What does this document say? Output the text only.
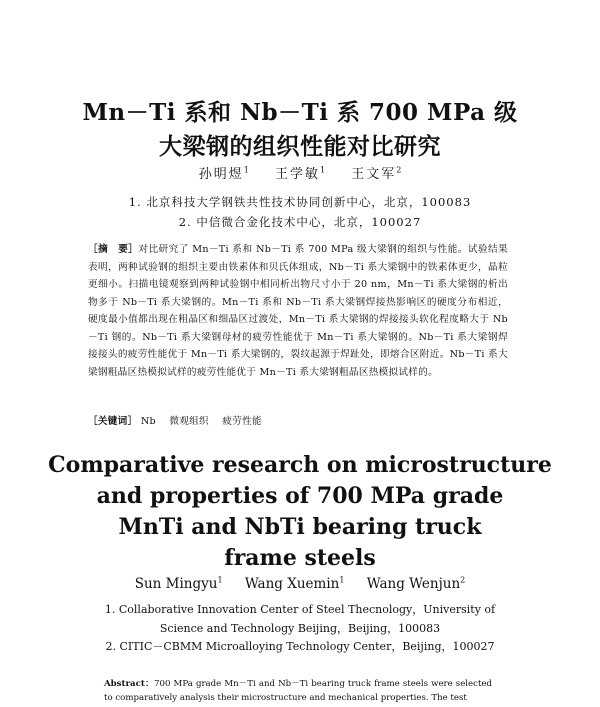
Mn－Ti 系和 Nb－Ti 系 700 MPa 级
大梁钢的组织性能对比研究
孙明煜$^1$ 王学敏$^1$ 王文军$^2$
1. 北京科技大学钢铁共性技术协同创新中心，北京，100083
2. 中信微合金化技术中心，北京，100027
［摘　要］对比研究了 Mn－Ti 系和 Nb－Ti 系 700 MPa 级大梁钢的组织与性能。试验结果表明，两种试验钢的组织主要由铁素体和贝氏体组成，Nb－Ti 系大梁钢中的铁素体更少，晶粒更细小。扫描电镜观察到两种试验钢中相同析出物尺寸小于 20 nm，Mn－Ti 系大梁钢的析出物多于 Nb－Ti 系大梁钢的。Mn－Ti 系和 Nb－Ti 系大梁钢焊接热影响区的硬度分布相近，硬度最小值都出现在粗晶区和细晶区过渡处，Mn－Ti 系大梁钢的焊接接头软化程度略大于 Nb－Ti 钢的。Nb－Ti 系大梁钢母材的疲劳性能优于 Mn－Ti 系大梁钢的。Nb－Ti 系大梁钢焊接接头的疲劳性能优于 Mn－Ti 系大梁钢的，裂纹起源于焊趾处，即熔合区附近。Nb－Ti 系大梁钢粗晶区热模拟试样的疲劳性能优于 Mn－Ti 系大梁钢粗晶区热模拟试样的。
［关键词］ Nb 微观组织 疲劳性能
Comparative research on microstructure
and properties of 700 MPa grade
MnTi and NbTi bearing truck
frame steels
Sun Mingyu$^1$ Wang Xuemin$^1$ Wang Wenjun$^2$
1. Collaborative Innovation Center of Steel Thecnology，University of
Science and Technology Beijing，Beijing，100083
2. CITIC－CBMM Microalloying Technology Center，Beijing，100027
Abstract：700 MPa grade Mn－Ti and Nb－Ti bearing truck frame steels were selected to comparatively analysis their microstructure and mechanical properties. The test
